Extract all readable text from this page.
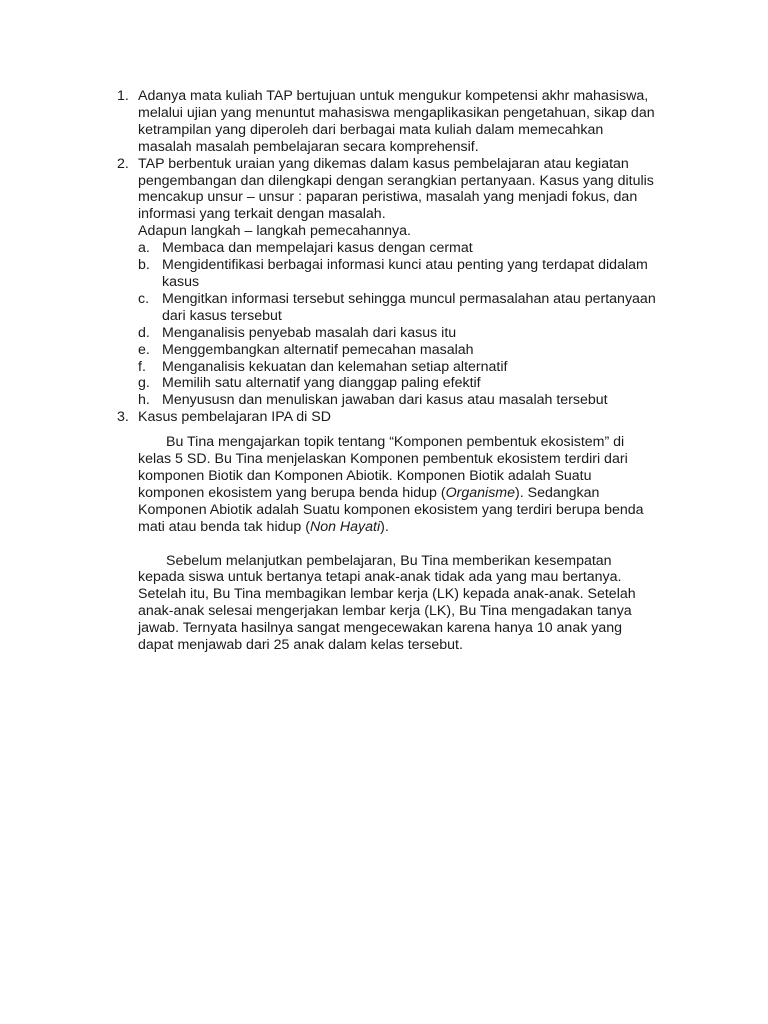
1. Adanya mata kuliah TAP bertujuan untuk mengukur kompetensi akhr mahasiswa, melalui ujian yang menuntut mahasiswa mengaplikasikan pengetahuan, sikap dan ketrampilan yang diperoleh dari berbagai mata kuliah dalam memecahkan masalah masalah pembelajaran secara komprehensif.
2. TAP berbentuk uraian yang dikemas dalam kasus pembelajaran atau kegiatan pengembangan dan dilengkapi dengan serangkian pertanyaan. Kasus yang ditulis mencakup unsur – unsur : paparan peristiwa, masalah yang menjadi fokus, dan informasi yang terkait dengan masalah.
Adapun langkah – langkah pemecahannya.
a. Membaca dan mempelajari kasus dengan cermat
b. Mengidentifikasi berbagai informasi kunci atau penting yang terdapat didalam kasus
c. Mengitkan informasi tersebut sehingga muncul permasalahan atau pertanyaan dari kasus tersebut
d. Menganalisis penyebab masalah dari kasus itu
e. Menggembangkan alternatif pemecahan masalah
f. Menganalisis kekuatan dan kelemahan setiap alternatif
g. Memilih satu alternatif yang dianggap paling efektif
h. Menyususn dan menuliskan jawaban dari kasus atau masalah tersebut
3. Kasus pembelajaran IPA di SD

Bu Tina mengajarkan topik tentang “Komponen pembentuk ekosistem” di kelas 5 SD. Bu Tina menjelaskan Komponen pembentuk ekosistem terdiri dari komponen Biotik dan Komponen Abiotik. Komponen Biotik adalah Suatu komponen ekosistem yang berupa benda hidup (Organisme). Sedangkan Komponen Abiotik adalah Suatu komponen ekosistem yang terdiri berupa benda mati atau benda tak hidup (Non Hayati).

Sebelum melanjutkan pembelajaran, Bu Tina memberikan kesempatan kepada siswa untuk bertanya tetapi anak-anak tidak ada yang mau bertanya. Setelah itu, Bu Tina membagikan lembar kerja (LK) kepada anak-anak. Setelah anak-anak selesai mengerjakan lembar kerja (LK), Bu Tina mengadakan tanya jawab. Ternyata hasilnya sangat mengecewakan karena hanya 10 anak yang dapat menjawab dari 25 anak dalam kelas tersebut.
